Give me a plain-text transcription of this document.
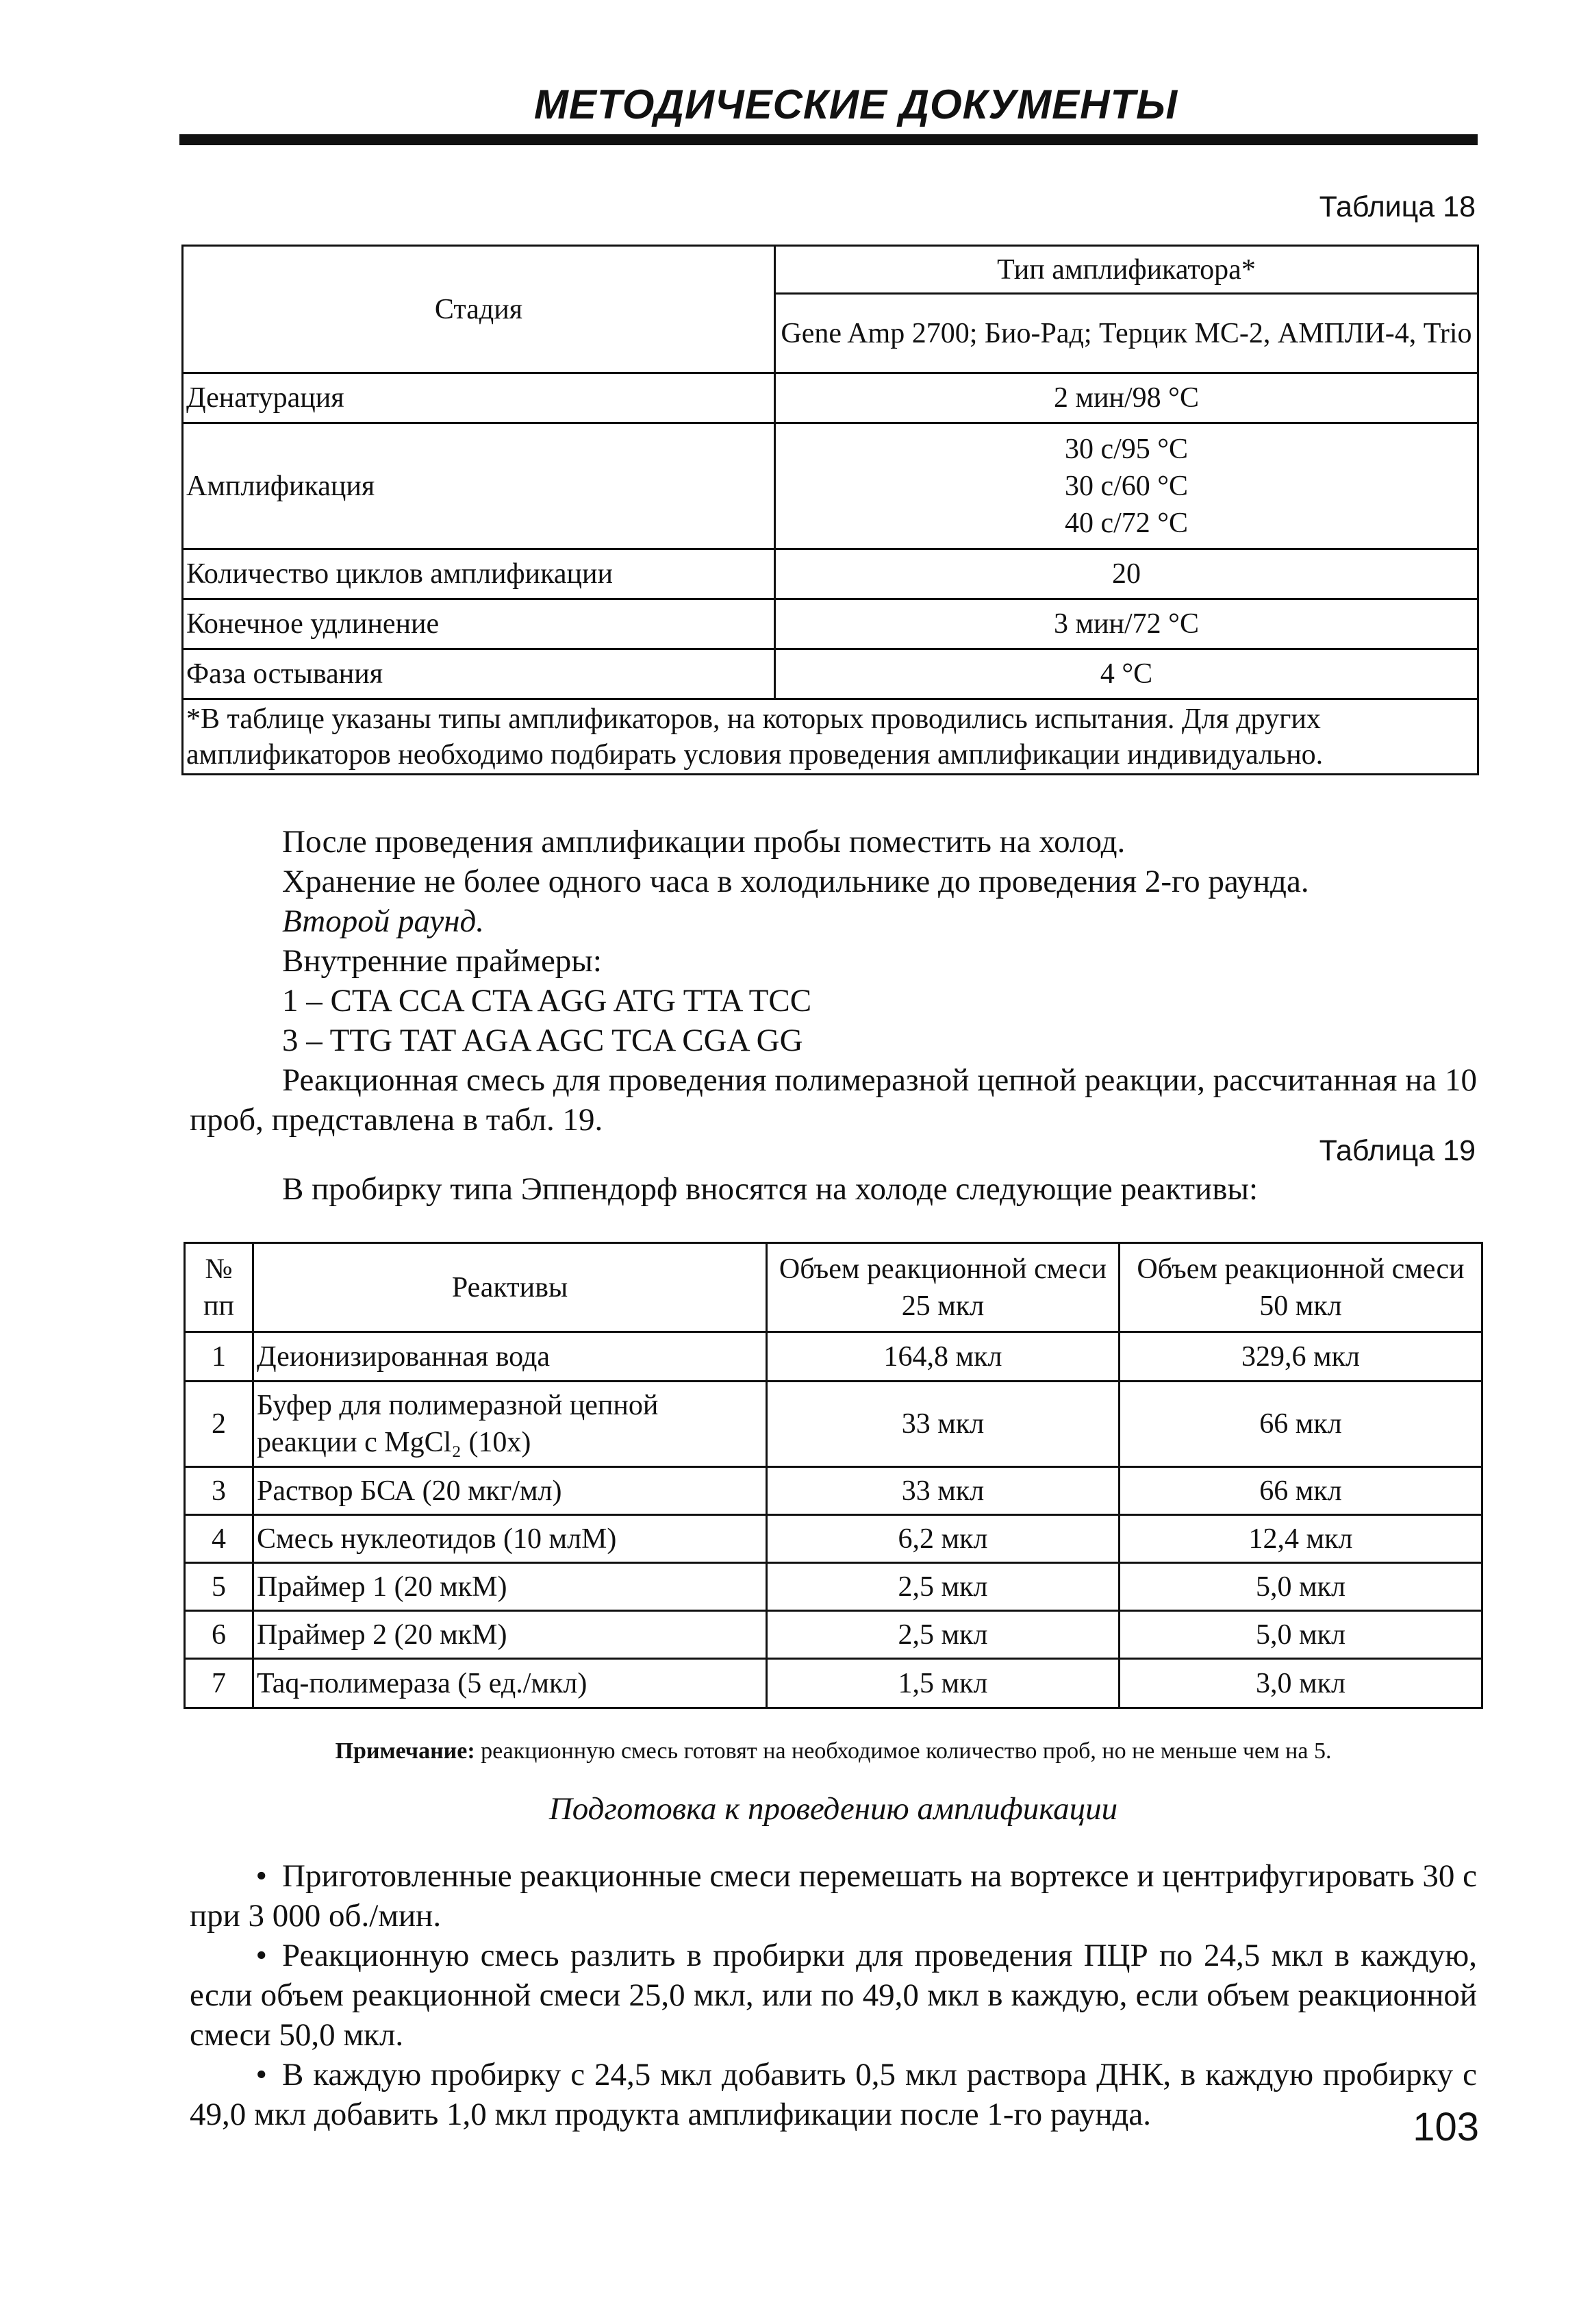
МЕТОДИЧЕСКИЕ ДОКУМЕНТЫ
Таблица 18
Стадия	Тип амплификатора*
	Gene Amp 2700; Био-Рад; Терцик МС-2, АМПЛИ-4, Trio
Денатурация	2 мин/98 °С
Амплификация	30 с/95 °С
30 с/60 °С
40 с/72 °С

Количество циклов амплификации	20
Конечное удлинение	3 мин/72 °С
Фаза остывания	4 °С
*В таблице указаны типы амплификаторов, на которых проводились испытания. Для других амплификаторов необходимо подбирать условия проведения амплификации индивидуально.	
После проведения амплификации пробы поместить на холод.
Хранение не более одного часа в холодильнике до проведения 2-го раунда.
Второй раунд.
Внутренние праймеры:
1 – CTA CCA CTA AGG ATG TTA TCC
3 – TTG TAT AGA AGC TCA CGA GG
Реакционная смесь для проведения полимеразной цепной реакции, рассчитанная на 10 проб, представлена в табл. 19.
Таблица 19
В пробирку типа Эппендорф вносятся на холоде следующие реактивы:
№ пп	Реактивы	Объем реакционной смеси 25 мкл	Объем реакционной смеси 50 мкл
1	Деионизированная вода	164,8 мкл	329,6 мкл
2	Буфер для полимеразной цепной реакции с MgCl₂ (10х)	33 мкл	66 мкл
3	Раствор БСА (20 мкг/мл)	33 мкл	66 мкл
4	Смесь нуклеотидов (10 млМ)	6,2 мкл	12,4 мкл
5	Праймер 1 (20 мкМ)	2,5 мкл	5,0 мкл
6	Праймер 2 (20 мкМ)	2,5 мкл	5,0 мкл
7	Taq-полимераза (5 ед./мкл)	1,5 мкл	3,0 мкл
Примечание: реакционную смесь готовят на необходимое количество проб, но не меньше чем на 5.
Подготовка к проведению амплификации
• Приготовленные реакционные смеси перемешать на вортексе и центрифугировать 30 с при 3 000 об./мин.
• Реакционную смесь разлить в пробирки для проведения ПЦР по 24,5 мкл в каждую, если объем реакционной смеси 25,0 мкл, или по 49,0 мкл в каждую, если объем реакционной смеси 50,0 мкл.
• В каждую пробирку с 24,5 мкл добавить 0,5 мкл раствора ДНК, в каждую пробирку с 49,0 мкл добавить 1,0 мкл продукта амплификации после 1-го раунда.	103
